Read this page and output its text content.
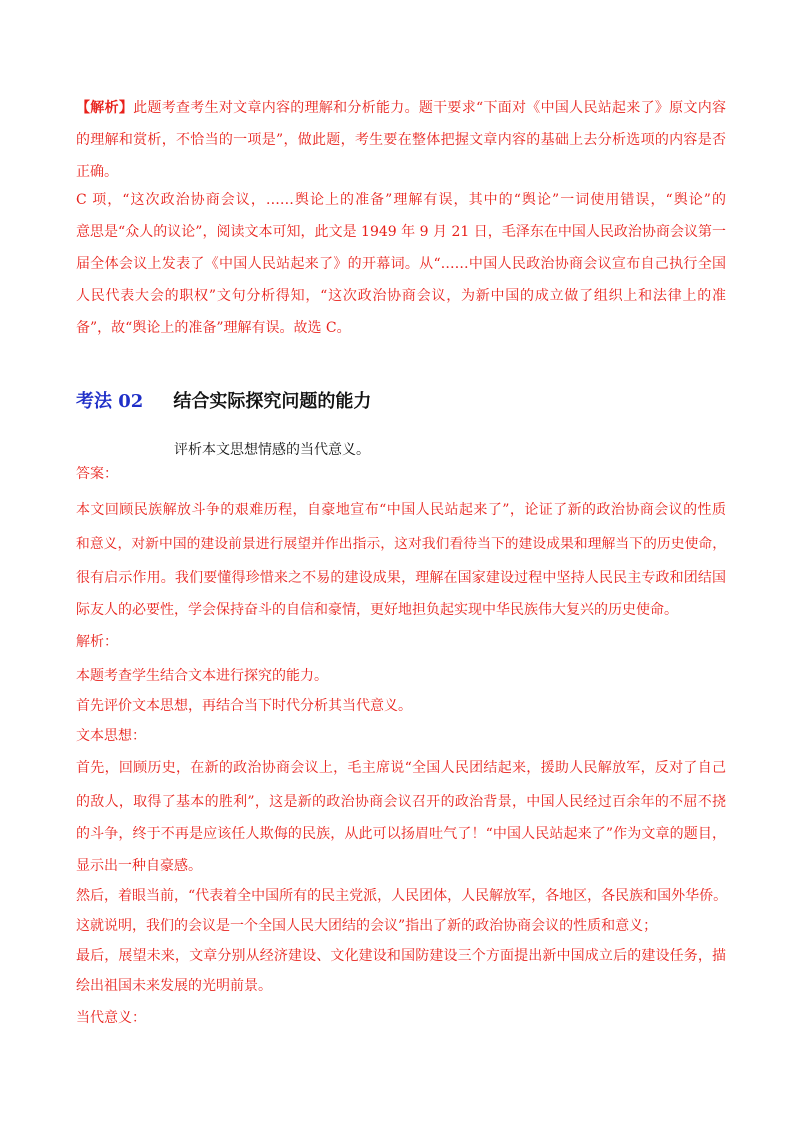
【解析】此题考查考生对文章内容的理解和分析能力。题干要求“下面对《中国人民站起来了》原文内容
的理解和赏析，不恰当的一项是”，做此题，考生要在整体把握文章内容的基础上去分析选项的内容是否
正确。
C 项，“这次政治协商会议，……舆论上的准备”理解有误，其中的“舆论”一词使用错误，“舆论”的
意思是“众人的议论”，阅读文本可知，此文是 1949 年 9 月 21 日，毛泽东在中国人民政治协商会议第一
届全体会议上发表了《中国人民站起来了》的开幕词。从“……中国人民政治协商会议宣布自己执行全国
人民代表大会的职权”文句分析得知，“这次政治协商会议，为新中国的成立做了组织上和法律上的准
备”，故“舆论上的准备”理解有误。故选 C。
考法 02 结合实际探究问题的能力
评析本文思想情感的当代意义。
答案：
本文回顾民族解放斗争的艰难历程，自豪地宣布“中国人民站起来了”，论证了新的政治协商会议的性质
和意义，对新中国的建设前景进行展望并作出指示，这对我们看待当下的建设成果和理解当下的历史使命，
很有启示作用。我们要懂得珍惜来之不易的建设成果，理解在国家建设过程中坚持人民民主专政和团结国
际友人的必要性，学会保持奋斗的自信和豪情，更好地担负起实现中华民族伟大复兴的历史使命。
解析：
本题考查学生结合文本进行探究的能力。
首先评价文本思想，再结合当下时代分析其当代意义。
文本思想：
首先，回顾历史，在新的政治协商会议上，毛主席说“全国人民团结起来，援助人民解放军，反对了自己
的敌人，取得了基本的胜利”，这是新的政治协商会议召开的政治背景，中国人民经过百余年的不屈不挠
的斗争，终于不再是应该任人欺侮的民族，从此可以扬眉吐气了！“中国人民站起来了”作为文章的题目，
显示出一种自豪感。
然后，着眼当前，“代表着全中国所有的民主党派，人民团体，人民解放军，各地区，各民族和国外华侨。
这就说明，我们的会议是一个全国人民大团结的会议”指出了新的政治协商会议的性质和意义；
最后，展望未来，文章分别从经济建设、文化建设和国防建设三个方面提出新中国成立后的建设任务，描
绘出祖国未来发展的光明前景。
当代意义：
